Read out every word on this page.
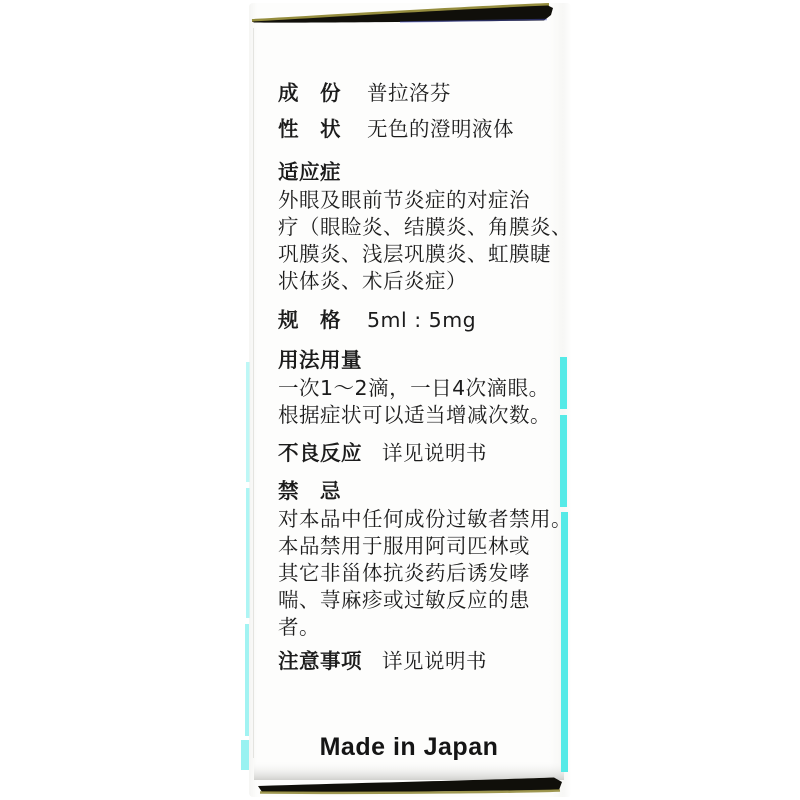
成　份 普拉洛芬
性　状 无色的澄明液体
适应症
外眼及眼前节炎症的对症治
疗（眼睑炎、结膜炎、角膜炎、
巩膜炎、浅层巩膜炎、虹膜睫
状体炎、术后炎症）
规　格 5ml : 5mg
用法用量
一次1～2滴，一日4次滴眼。
根据症状可以适当增减次数。
不良反应 详见说明书
禁　忌
对本品中任何成份过敏者禁用。
本品禁用于服用阿司匹林或
其它非甾体抗炎药后诱发哮
喘、荨麻疹或过敏反应的患
者。
注意事项 详见说明书
Made in Japan
